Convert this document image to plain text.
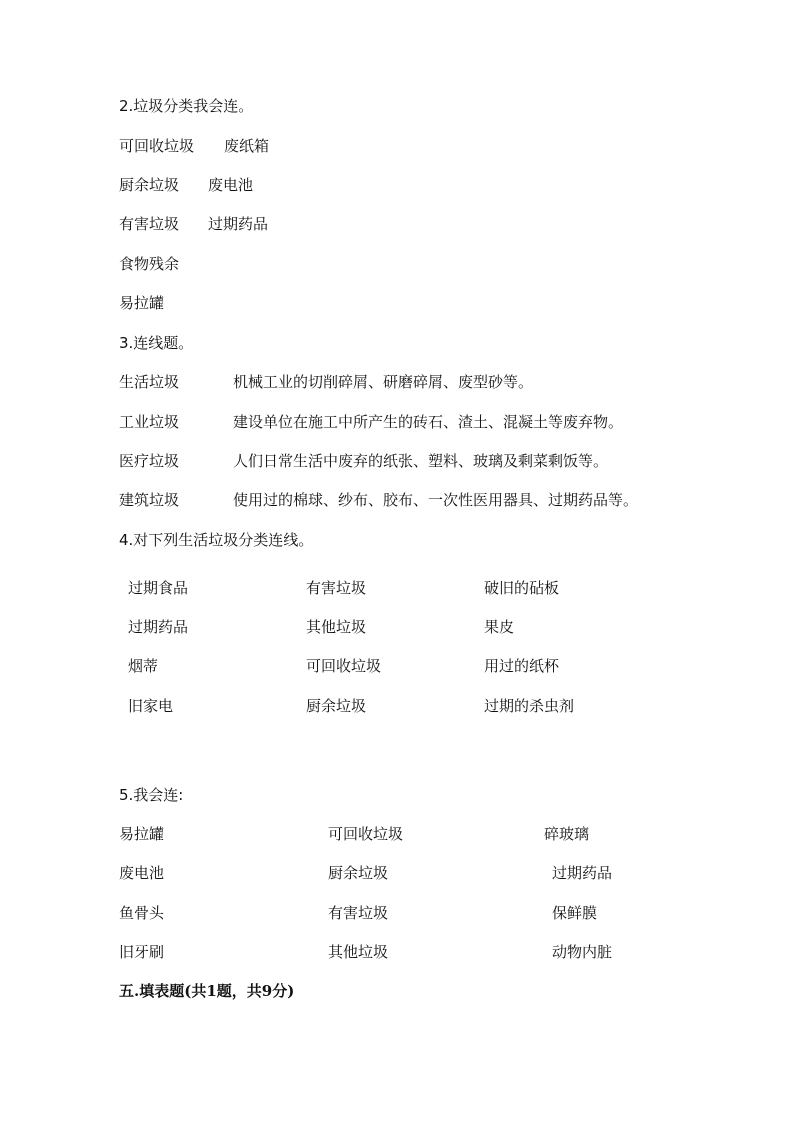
2.垃圾分类我会连。
可回收垃圾 废纸箱
厨余垃圾 废电池
有害垃圾 过期药品
食物残余
易拉罐
3.连线题。
生活垃圾	机械工业的切削碎屑、研磨碎屑、废型砂等。
工业垃圾	建设单位在施工中所产生的砖石、渣土、混凝土等废弃物。
医疗垃圾	人们日常生活中废弃的纸张、塑料、玻璃及剩菜剩饭等。
建筑垃圾	使用过的棉球、纱布、胶布、一次性医用器具、过期药品等。
4.对下列生活垃圾分类连线。
过期食品	有害垃圾	破旧的砧板
过期药品	其他垃圾	果皮
烟蒂	可回收垃圾	用过的纸杯
旧家电	厨余垃圾	过期的杀虫剂
5.我会连:
易拉罐	可回收垃圾	碎玻璃
废电池	厨余垃圾	过期药品
鱼骨头	有害垃圾	保鲜膜
旧牙刷	其他垃圾	动物内脏
五.填表题(共1题，共9分)
